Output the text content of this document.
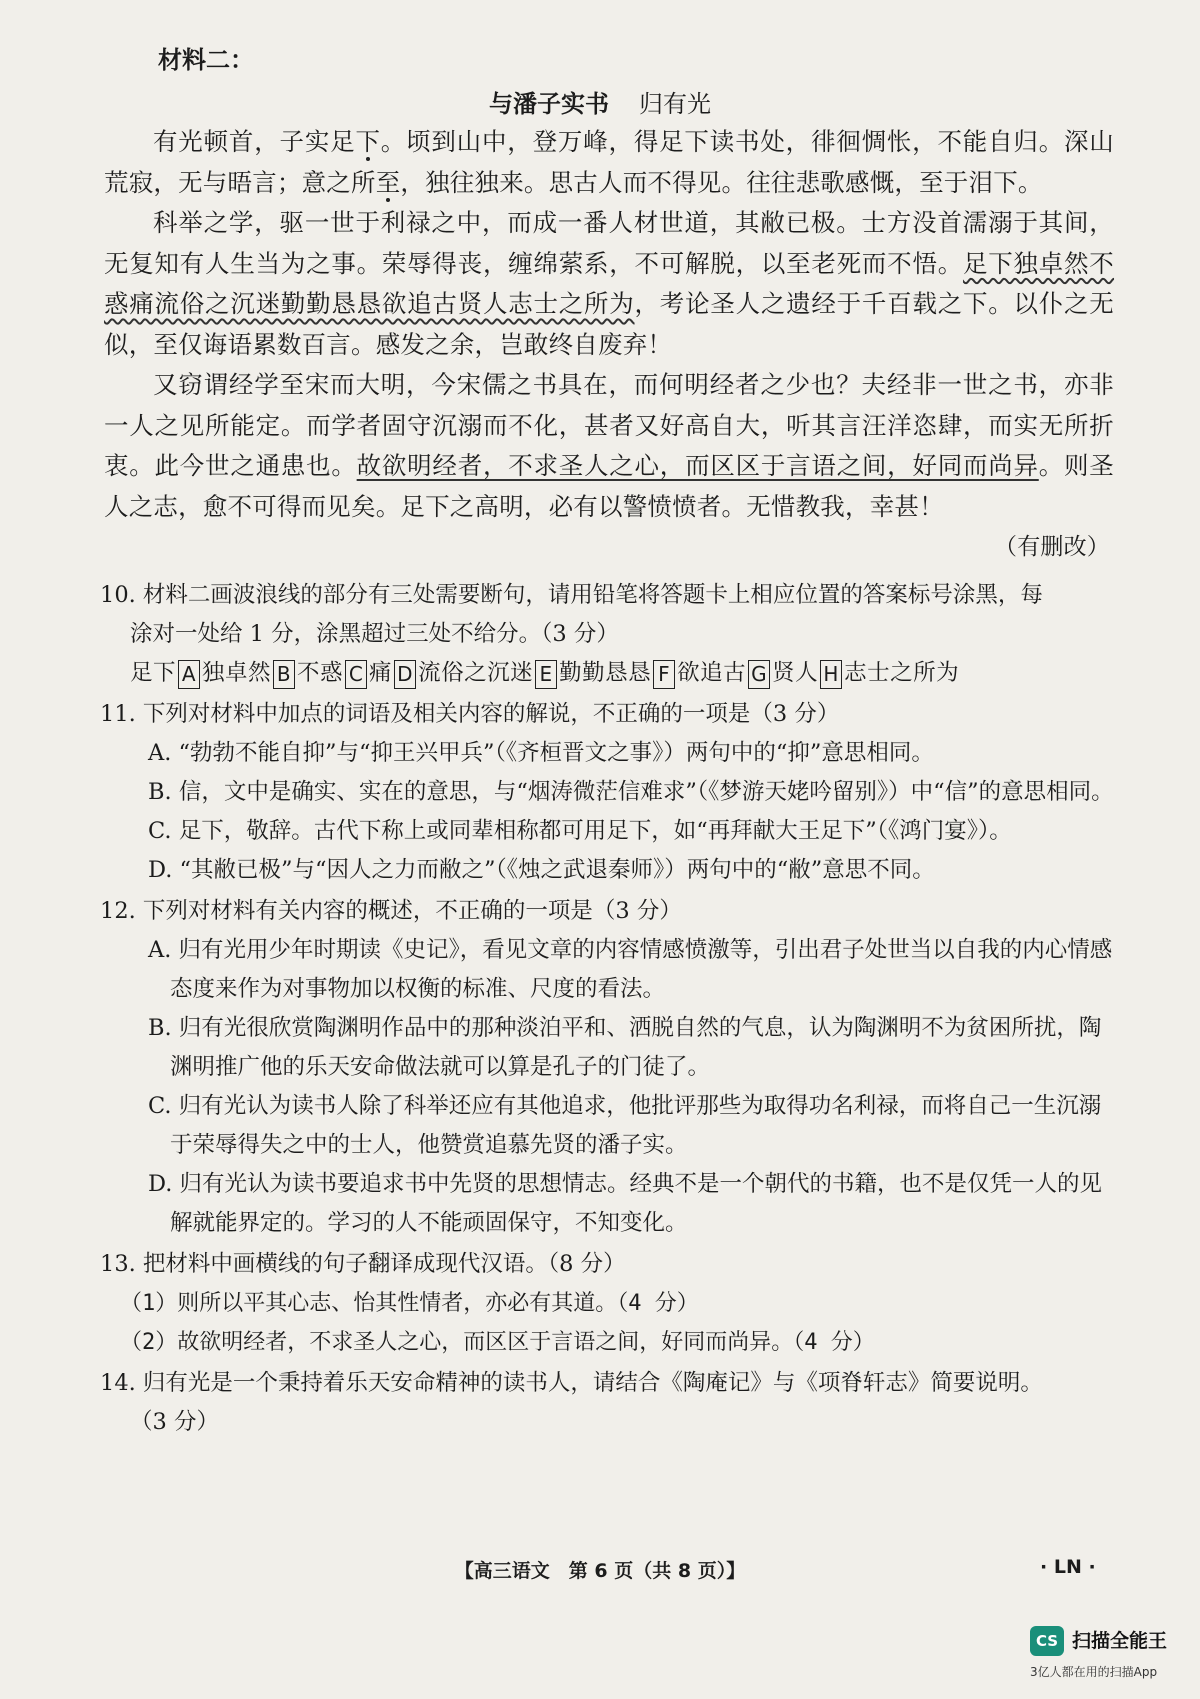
材料二：
与潘子实书 归有光

有光顿首，子实足下。顷到山中，登万峰，得足下读书处，徘徊惆怅，不能自归。深山荒寂，无与晤言；意之所至，独往独来。思古人而不得见。往往悲歌感慨，至于泪下。

科举之学，驱一世于利禄之中，而成一番人材世道，其敝已极。士方没首濡溺于其间，无复知有人生当为之事。荣辱得丧，缠绵萦系，不可解脱，以至老死而不悟。足下独卓然不惑痛流俗之沉迷勤勤恳恳欲追古贤人志士之所为，考论圣人之遗经于千百载之下。以仆之无似，至仅诲语累数百言。感发之余，岂敢终自废弃！

又窃谓经学至宋而大明，今宋儒之书具在，而何明经者之少也？夫经非一世之书，亦非一人之见所能定。而学者固守沉溺而不化，甚者又好高自大，听其言汪洋恣肆，而实无所折衷。此今世之通患也。故欲明经者，不求圣人之心，而区区于言语之间，好同而尚异。则圣人之志，愈不可得而见矣。足下之高明，必有以警愤愤者。无惜教我，幸甚！

（有删改）
10. 材料二画波浪线的部分有三处需要断句，请用铅笔将答题卡上相应位置的答案标号涂黑，每
涂对一处给 1 分，涂黑超过三处不给分。（3 分）
足下 A 独卓然 B 不惑 C 痛 D 流俗之沉迷 E 勤勤恳恳 F 欲追古 G 贤人 H 志士之所为
11. 下列对材料中加点的词语及相关内容的解说，不正确的一项是（3 分）
A. “勃勃不能自抑”与“抑王兴甲兵”（《齐桓晋文之事》）两句中的“抑”意思相同。
B. 信，文中是确实、实在的意思，与“烟涛微茫信难求”（《梦游天姥吟留别》）中“信”的意思相同。
C. 足下，敬辞。古代下称上或同辈相称都可用足下，如“再拜献大王足下”（《鸿门宴》）。
D. “其敝已极”与“因人之力而敝之”（《烛之武退秦师》）两句中的“敝”意思不同。
12. 下列对材料有关内容的概述，不正确的一项是（3 分）
A. 归有光用少年时期读《史记》，看见文章的内容情感愤激等，引出君子处世当以自我的内心情感态度来作为对事物加以权衡的标准、尺度的看法。
B. 归有光很欣赏陶渊明作品中的那种淡泊平和、洒脱自然的气息，认为陶渊明不为贫困所扰，陶渊明推广他的乐天安命做法就可以算是孔子的门徒了。
C. 归有光认为读书人除了科举还应有其他追求，他批评那些为取得功名利禄，而将自己一生沉溺于荣辱得失之中的士人，他赞赏追慕先贤的潘子实。
D. 归有光认为读书要追求书中先贤的思想情志。经典不是一个朝代的书籍，也不是仅凭一人的见解就能界定的。学习的人不能顽固保守，不知变化。
13. 把材料中画横线的句子翻译成现代汉语。（8 分）
（1）则所以平其心志、怡其性情者，亦必有其道。（4 分）
（2）故欲明经者，不求圣人之心，而区区于言语之间，好同而尚异。（4 分）
14. 归有光是一个秉持着乐天安命精神的读书人，请结合《陶庵记》与《项脊轩志》简要说明。
（3 分）
【高三语文　第 6 页（共 8 页）】	· LN ·
CS 扫描全能王
3亿人都在用的扫描App
